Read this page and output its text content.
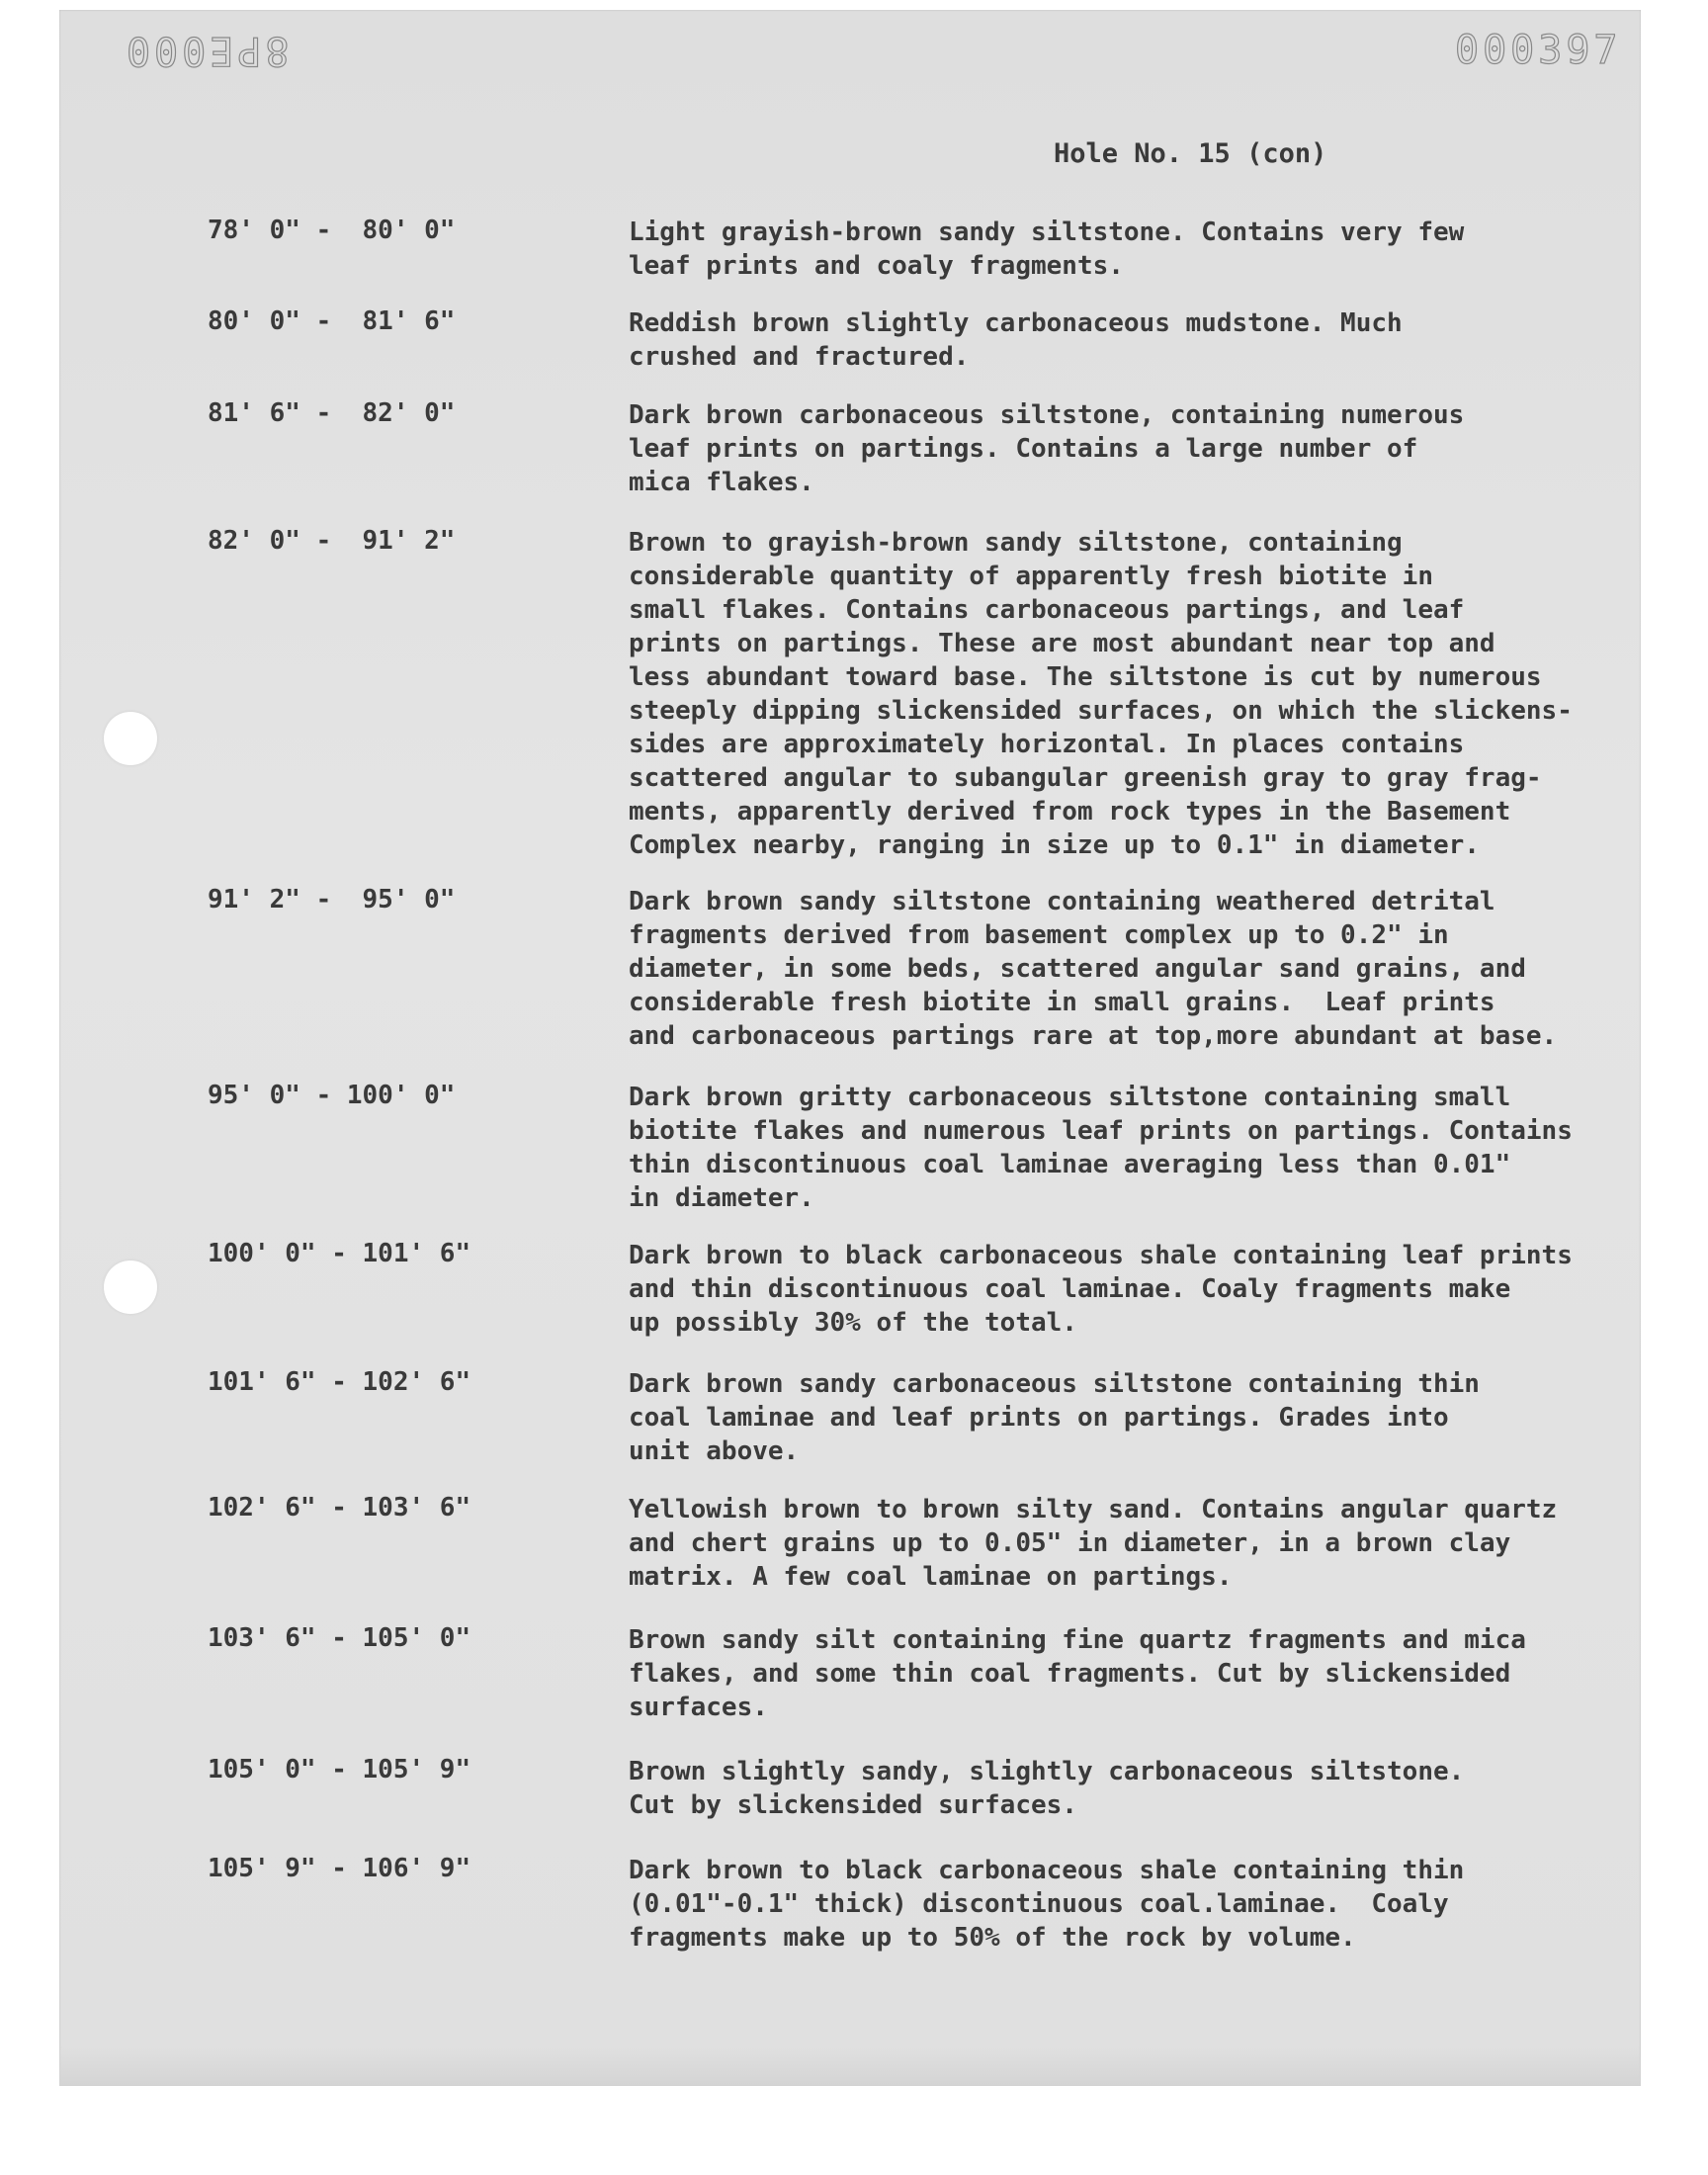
8PE000	000397
Hole No. 15 (con)
78' 0" -  80' 0"	Light grayish-brown sandy siltstone. Contains very few
leaf prints and coaly fragments.
80' 0" -  81' 6"	Reddish brown slightly carbonaceous mudstone. Much
crushed and fractured.
81' 6" -  82' 0"	Dark brown carbonaceous siltstone, containing numerous
leaf prints on partings. Contains a large number of
mica flakes.
82' 0" -  91' 2"	Brown to grayish-brown sandy siltstone, containing
considerable quantity of apparently fresh biotite in
small flakes. Contains carbonaceous partings, and leaf
prints on partings. These are most abundant near top and
less abundant toward base. The siltstone is cut by numerous
steeply dipping slickensided surfaces, on which the slickens-
sides are approximately horizontal. In places contains
scattered angular to subangular greenish gray to gray frag-
ments, apparently derived from rock types in the Basement
Complex nearby, ranging in size up to 0.1" in diameter.
91' 2" -  95' 0"	Dark brown sandy siltstone containing weathered detrital
fragments derived from basement complex up to 0.2" in
diameter, in some beds, scattered angular sand grains, and
considerable fresh biotite in small grains.  Leaf prints
and carbonaceous partings rare at top,more abundant at base.
95' 0" - 100' 0"	Dark brown gritty carbonaceous siltstone containing small
biotite flakes and numerous leaf prints on partings. Contains
thin discontinuous coal laminae averaging less than 0.01"
in diameter.
100' 0" - 101' 6"	Dark brown to black carbonaceous shale containing leaf prints
and thin discontinuous coal laminae. Coaly fragments make
up possibly 30% of the total.
101' 6" - 102' 6"	Dark brown sandy carbonaceous siltstone containing thin
coal laminae and leaf prints on partings. Grades into
unit above.
102' 6" - 103' 6"	Yellowish brown to brown silty sand. Contains angular quartz
and chert grains up to 0.05" in diameter, in a brown clay
matrix. A few coal laminae on partings.
103' 6" - 105' 0"	Brown sandy silt containing fine quartz fragments and mica
flakes, and some thin coal fragments. Cut by slickensided
surfaces.
105' 0" - 105' 9"	Brown slightly sandy, slightly carbonaceous siltstone.
Cut by slickensided surfaces.
105' 9" - 106' 9"	Dark brown to black carbonaceous shale containing thin
(0.01"-0.1" thick) discontinuous coal.laminae.  Coaly
fragments make up to 50% of the rock by volume.
